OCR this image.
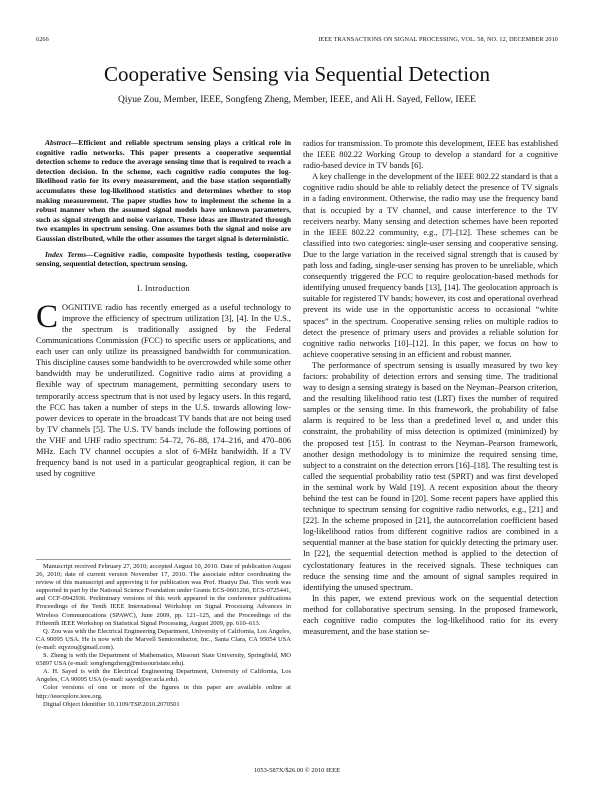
6266	IEEE TRANSACTIONS ON SIGNAL PROCESSING, VOL. 58, NO. 12, DECEMBER 2010
Cooperative Sensing via Sequential Detection
Qiyue Zou, Member, IEEE, Songfeng Zheng, Member, IEEE, and Ali H. Sayed, Fellow, IEEE

Abstract—Efficient and reliable spectrum sensing plays a critical role in cognitive radio networks. This paper presents a cooperative sequential detection scheme to reduce the average sensing time that is required to reach a detection decision. In the scheme, each cognitive radio computes the log-likelihood ratio for its every measurement, and the base station sequentially accumulates these log-likelihood statistics and determines whether to stop making measurement. The paper studies how to implement the scheme in a robust manner when the assumed signal models have unknown parameters, such as signal strength and noise variance. These ideas are illustrated through two examples in spectrum sensing. One assumes both the signal and noise are Gaussian distributed, while the other assumes the target signal is deterministic.

Index Terms—Cognitive radio, composite hypothesis testing, cooperative sensing, sequential detection, spectrum sensing.

I. Introduction

COGNITIVE radio has recently emerged as a useful technology to improve the efficiency of spectrum utilization [3], [4]. In the U.S., the spectrum is traditionally assigned by the Federal Communications Commission (FCC) to specific users or applications, and each user can only utilize its preassigned bandwidth for communication. This discipline causes some bandwidth to be overcrowded while some other bandwidth may be underutilized. Cognitive radio aims at providing a flexible way of spectrum management, permitting secondary users to temporarily access spectrum that is not used by legacy users. In this regard, the FCC has taken a number of steps in the U.S. towards allowing low-power devices to operate in the broadcast TV bands that are not being used by TV channels [5]. The U.S. TV bands include the following portions of the VHF and UHF radio spectrum: 54–72, 76–88, 174–216, and 470–806 MHz. Each TV channel occupies a slot of 6-MHz bandwidth. If a TV frequency band is not used in a particular geographical region, it can be used by cognitive

Manuscript received February 27, 2010; accepted August 10, 2010. Date of publication August 26, 2010; date of current version November 17, 2010. The associate editor coordinating the review of this manuscript and approving it for publication was Prof. Huaiyu Dai. This work was supported in part by the National Science Foundation under Grants ECS-0601266, ECS-0725441, and CCF-0942936. Preliminary versions of this work appeared in the conference publications Proceedings of the Tenth IEEE International Workshop on Signal Processing Advances in Wireless Communications (SPAWC), June 2009, pp. 121–125, and the Proceedings of the Fifteenth IEEE Workshop on Statistical Signal Processing, August 2009, pp. 610–613.

Q. Zou was with the Electrical Engineering Department, University of California, Los Angeles, CA 90095 USA. He is now with the Marvell Semiconductor, Inc., Santa Clara, CA 95054 USA (e-mail: eqyzou@gmail.com).

S. Zheng is with the Department of Mathematics, Missouri State University, Springfield, MO 65897 USA (e-mail: songfengzheng@missouristate.edu).

A. H. Sayed is with the Electrical Engineering Department, University of California, Los Angeles, CA 90095 USA (e-mail: sayed@ee.ucla.edu).

Color versions of one or more of the figures in this paper are available online at http://ieeexplore.ieee.org.

Digital Object Identifier 10.1109/TSP.2010.2070501

radios for transmission. To promote this development, IEEE has established the IEEE 802.22 Working Group to develop a standard for a cognitive radio-based device in TV bands [6].

A key challenge in the development of the IEEE 802.22 standard is that a cognitive radio should be able to reliably detect the presence of TV signals in a fading environment. Otherwise, the radio may use the frequency band that is occupied by a TV channel, and cause interference to the TV receivers nearby. Many sensing and detection schemes have been reported in the IEEE 802.22 community, e.g., [7]–[12]. These schemes can be classified into two categories: single-user sensing and cooperative sensing. Due to the large variation in the received signal strength that is caused by path loss and fading, single-user sensing has proven to be unreliable, which consequently triggered the FCC to require geolocation-based methods for identifying unused frequency bands [13], [14]. The geolocation approach is suitable for registered TV bands; however, its cost and operational overhead prevent its wide use in the opportunistic access to occasional “white spaces” in the spectrum. Cooperative sensing relies on multiple radios to detect the presence of primary users and provides a reliable solution for cognitive radio networks [10]–[12]. In this paper, we focus on how to achieve cooperative sensing in an efficient and robust manner.

The performance of spectrum sensing is usually measured by two key factors: probability of detection errors and sensing time. The traditional way to design a sensing strategy is based on the Neyman–Pearson criterion, and the resulting likelihood ratio test (LRT) fixes the number of required samples or the sensing time. In this framework, the probability of false alarm is required to be less than a predefined level α, and under this constraint, the probability of miss detection is optimized (minimized) by the proposed test [15]. In contrast to the Neyman–Pearson framework, another design methodology is to minimize the required sensing time, subject to a constraint on the detection errors [16]–[18]. The resulting test is called the sequential probability ratio test (SPRT) and was first developed in the seminal work by Wald [19]. A recent exposition about the theory behind the test can be found in [20]. Some recent papers have applied this technique to spectrum sensing for cognitive radio networks, e.g., [21] and [22]. In the scheme proposed in [21], the autocorrelation coefficient based log-likelihood ratios from different cognitive radios are combined in a sequential manner at the base station for quickly detecting the primary user. In [22], the sequential detection method is applied to the detection of cyclostationary features in the received signals. These techniques can reduce the sensing time and the amount of signal samples required in identifying the unused spectrum.

In this paper, we extend previous work on the sequential detection method for collaborative spectrum sensing. In the proposed framework, each cognitive radio computes the log-likelihood ratio for its every measurement, and the base station se-

1053-587X/$26.00 © 2010 IEEE
